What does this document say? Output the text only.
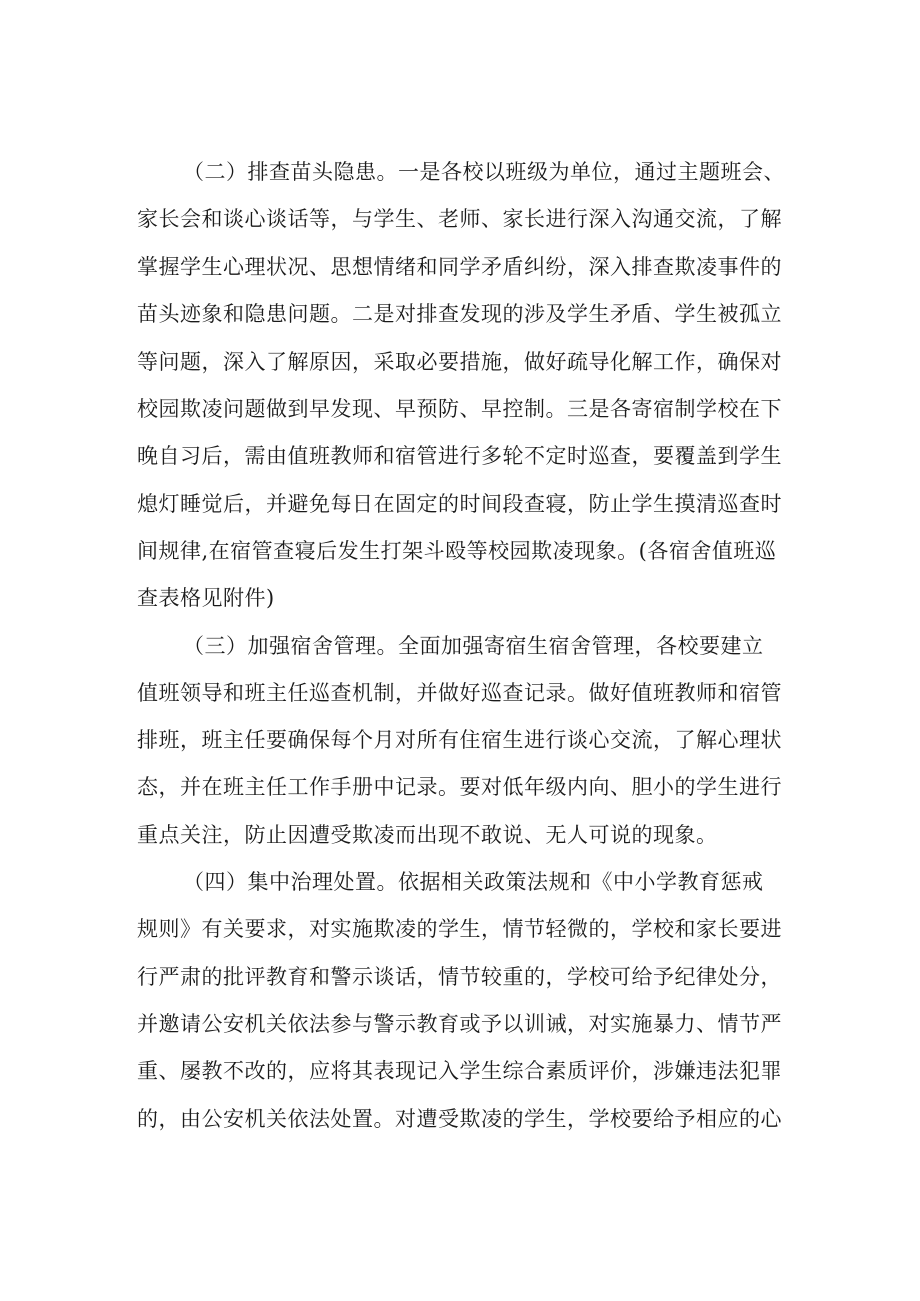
（二）排查苗头隐患。一是各校以班级为单位，通过主题班会、
家长会和谈心谈话等，与学生、老师、家长进行深入沟通交流，了解
掌握学生心理状况、思想情绪和同学矛盾纠纷，深入排查欺凌事件的
苗头迹象和隐患问题。二是对排查发现的涉及学生矛盾、学生被孤立
等问题，深入了解原因，采取必要措施，做好疏导化解工作，确保对
校园欺凌问题做到早发现、早预防、早控制。三是各寄宿制学校在下
晚自习后，需由值班教师和宿管进行多轮不定时巡查，要覆盖到学生
熄灯睡觉后，并避免每日在固定的时间段查寝，防止学生摸清巡查时
间规律,在宿管查寝后发生打架斗殴等校园欺凌现象。(各宿舍值班巡
查表格见附件)
（三）加强宿舍管理。全面加强寄宿生宿舍管理，各校要建立
值班领导和班主任巡查机制，并做好巡查记录。做好值班教师和宿管
排班，班主任要确保每个月对所有住宿生进行谈心交流，了解心理状
态，并在班主任工作手册中记录。要对低年级内向、胆小的学生进行
重点关注，防止因遭受欺凌而出现不敢说、无人可说的现象。
（四）集中治理处置。依据相关政策法规和《中小学教育惩戒
规则》有关要求，对实施欺凌的学生，情节轻微的，学校和家长要进
行严肃的批评教育和警示谈话，情节较重的，学校可给予纪律处分，
并邀请公安机关依法参与警示教育或予以训诫，对实施暴力、情节严
重、屡教不改的，应将其表现记入学生综合素质评价，涉嫌违法犯罪
的，由公安机关依法处置。对遭受欺凌的学生，学校要给予相应的心
